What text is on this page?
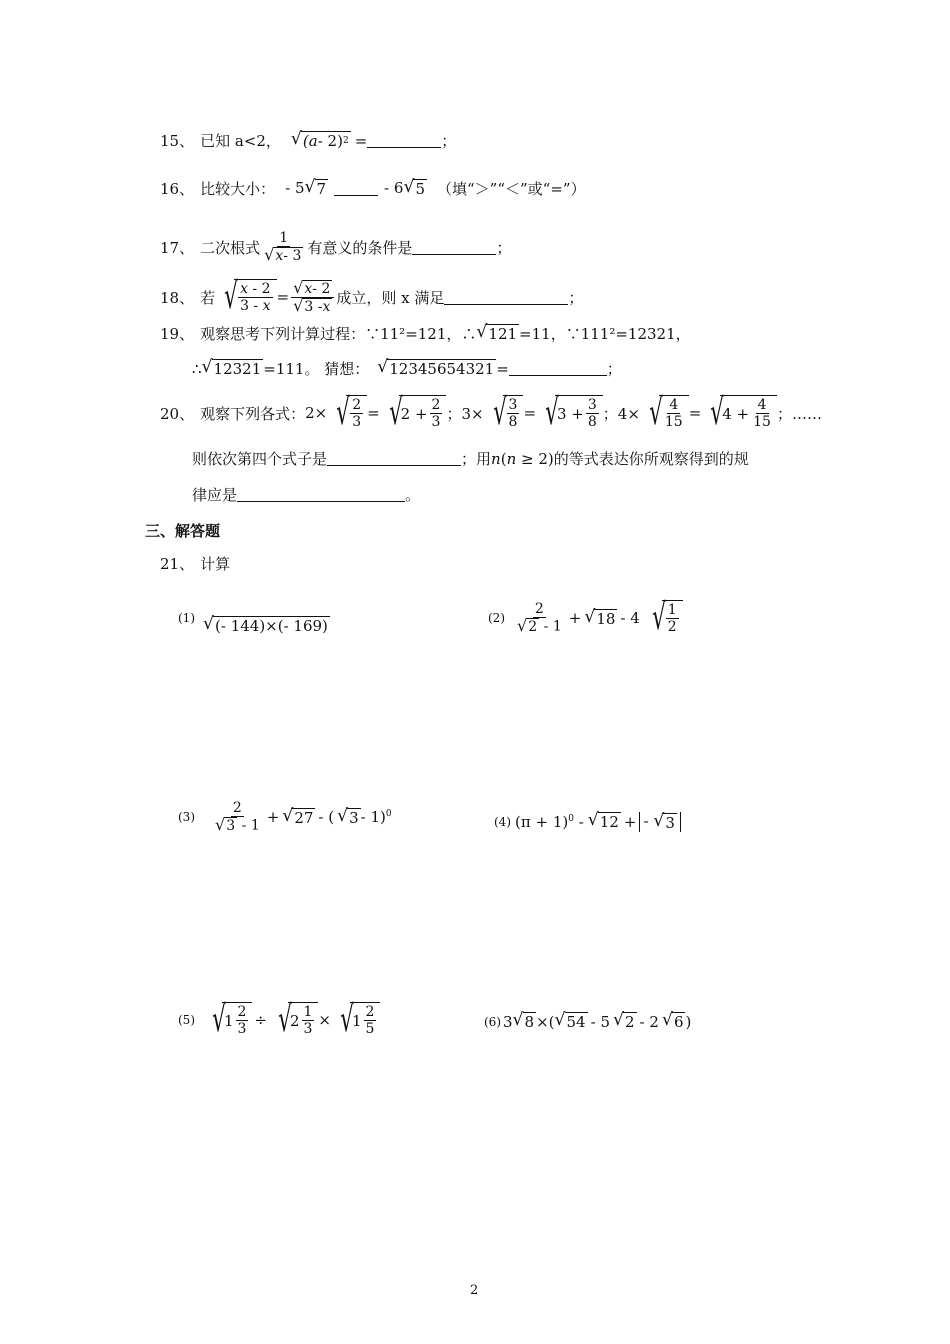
15、 已知 a<2， √ (a - 2) 2 =	；
16、 比较大小： - 5 √ 7	- 6 √ 5 （填“＞”“＜”或“=”）
17、 二次根式 $\frac{1}{√ x - 3}$ 有意义的条件是	；
18、 若 √ $\frac{x - 2}{3 - x} = \frac{√ x - 2}{√ 3 - x}$ 成立，则 x 满足	；
19、 观察思考下列计算过程：∵11²=121，∴ √ 121 =11，∵111²=12321，
∴ √ 12321 =111。 猜想： √ 12345654321 =	；
20、 观察下列各式： 2× √ $\frac{2}{3}$ = √
$2 + \frac{2}{3}$ ；3× √ $\frac{3}{8}$ = √
$3 + \frac{3}{8}$ ；4× √ $\frac{4}{15}$ = √
$4 + \frac{4}{15}$ ；……
则依次第四个式子是	；用 n(n ≥ 2) 的等式表达你所观察得到的规
律应是	。
三、解答题
21、 计算
(1) √ (- 144)×(- 169)	$(2) \frac{2}{√ 2 - 1}$ + √ 18 - 4 √ $\frac{1}{2}$
$(3) \frac{2}{√ 3 - 1}$ + √ 27 - ( √ 3 - 1)$^0$
(4) $(\pi + 1)^0$ - √ 12 + - √ 3
(5) √
$1 \frac{2}{3}$ ÷ √
$2 \frac{1}{3}$ × √
$1 \frac{2}{5}$	(6) 3 √ 8 ×( √ 54 - 5 √ 2 - 2 √ 6 )
2
